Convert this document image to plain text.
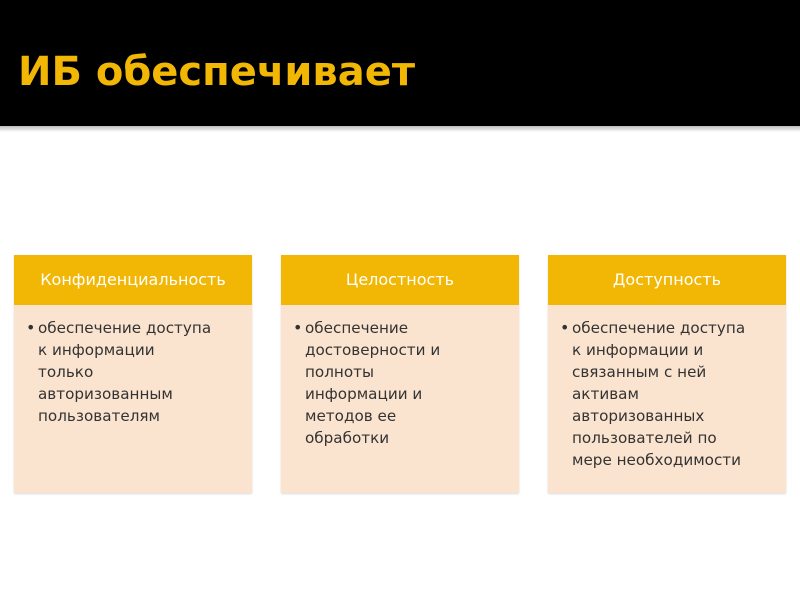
ИБ обеспечивает
Конфиденциальность
• обеспечение доступа
к информации
только
авторизованным
пользователям
Целостность
• обеспечение
достоверности и
полноты
информации и
методов ее
обработки
Доступность
• обеспечение доступа
к информации и
связанным с ней
активам
авторизованных
пользователей по
мере необходимости
